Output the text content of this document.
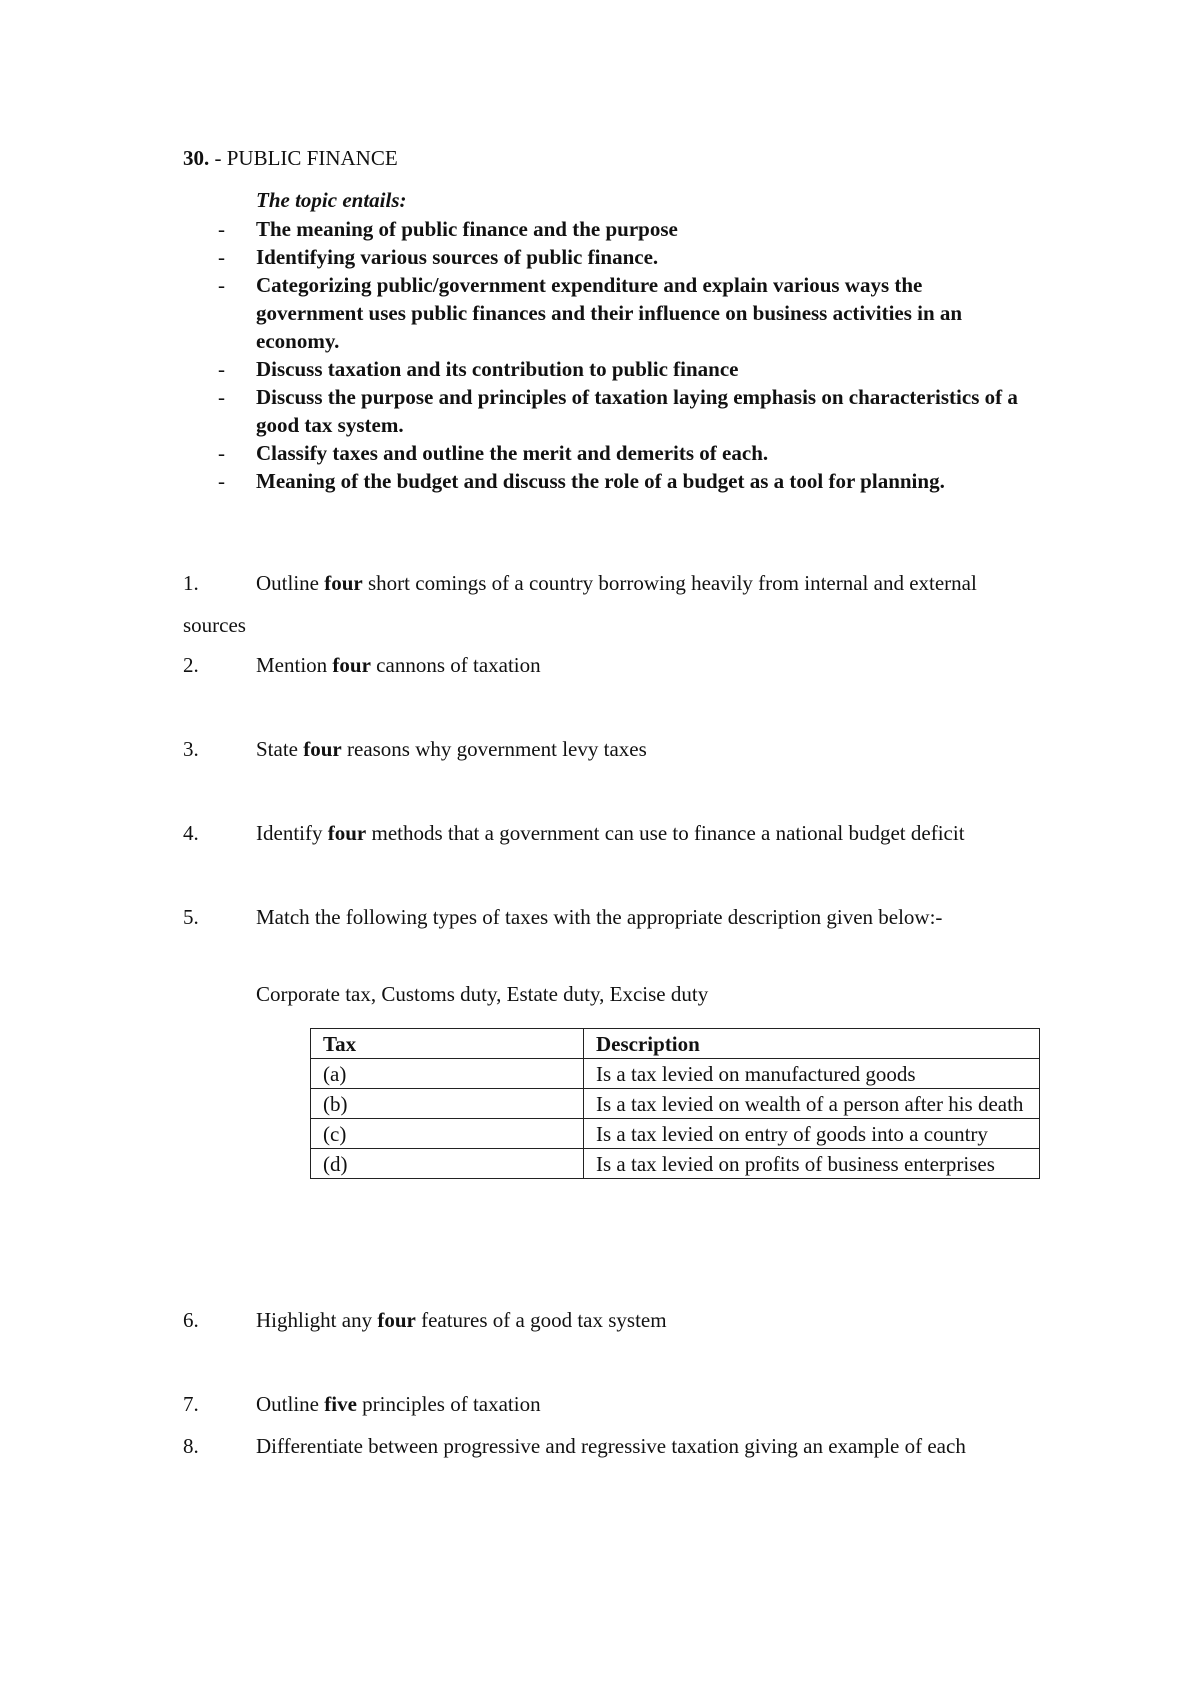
30. - PUBLIC FINANCE
The topic entails:
- The meaning of public finance and the purpose
- Identifying various sources of public finance.
- Categorizing public/government expenditure and explain various ways the government uses public finances and their influence on business activities in an economy.
- Discuss taxation and its contribution to public finance
- Discuss the purpose and principles of taxation laying emphasis on characteristics of a good tax system.
- Classify taxes and outline the merit and demerits of each.
- Meaning of the budget and discuss the role of a budget as a tool for planning.
1.	Outline four short comings of a country borrowing heavily from internal and external sources
2.	Mention four cannons of taxation
3.	State four reasons why government levy taxes
4.	Identify four methods that a government can use to finance a national budget deficit
5.	Match the following types of taxes with the appropriate description given below:-
Corporate tax, Customs duty, Estate duty, Excise duty
Tax	Description
(a)	Is a tax levied on manufactured goods
(b)	Is a tax levied on wealth of a person after his death
(c)	Is a tax levied on entry of goods into a country
(d)	Is a tax levied on profits of business enterprises
6.	Highlight any four features of a good tax system
7.	Outline five principles of taxation
8.	Differentiate between progressive and regressive taxation giving an example of each
